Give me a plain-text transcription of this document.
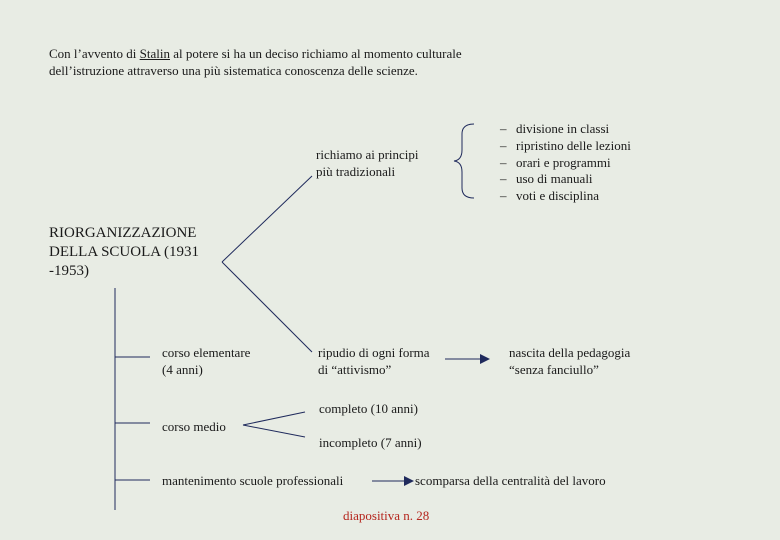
Con l’avvento di Stalin al potere si ha un deciso richiamo al momento culturale
dell’istruzione attraverso una più sistematica conoscenza delle scienze.
RIORGANIZZAZIONE
DELLA SCUOLA (1931
-1953)
richiamo ai principi
più tradizionali
– divisione in classi
– ripristino delle lezioni
– orari e programmi
– uso di manuali
– voti e disciplina
ripudio di ogni forma
di “attivismo”
nascita della pedagogia
“senza fanciullo”
corso elementare
(4 anni)
corso medio
completo (10 anni)
incompleto (7 anni)
mantenimento scuole professionali	scomparsa della centralità del lavoro
diapositiva n. 28
